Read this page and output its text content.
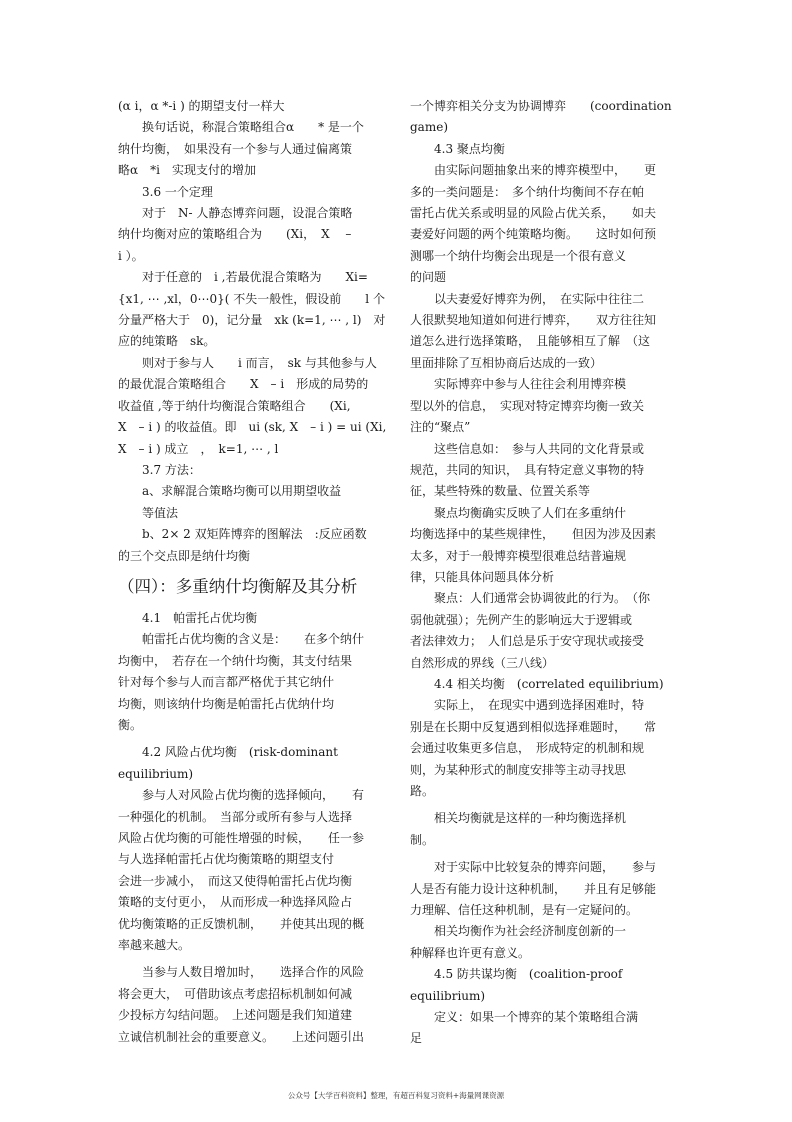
(α i，α *-i ) 的期望支付一样大
　　换句话说，称混合策略组合α　　* 是一个
纳什均衡，　如果没有一个参与人通过偏离策
略α　*i　实现支付的增加
　　3.6 一个定理
　　对于　N- 人静态博弈问题，设混合策略
纳什均衡对应的策略组合为　　(Xi，　X　 –
i ）。
　　对于任意的　i ,若最优混合策略为　　Xi=
{x1, ⋯ ,xl，0⋯0}( 不失一般性，假设前　　l 个
分量严格大于　0)，记分量　xk (k=1, ⋯ , l)　对
应的纯策略　sk。
　　则对于参与人　　i 而言，　sk 与其他参与人
的最优混合策略组合　　X　– i　形成的局势的
收益值 ,等于纳什均衡混合策略组合　　(Xi,
X　– i ) 的收益值。即　ui (sk, X　– i ) = ui (Xi,
X　– i ) 成立　，　k=1, ⋯ , l
　　3.7 方法：
　　a、求解混合策略均衡可以用期望收益
　　等值法
　　b、2× 2 双矩阵博弈的图解法　:反应函数
的三个交点即是纳什均衡
（四）：多重纳什均衡解及其分析
　　4.1　帕雷托占优均衡
　　帕雷托占优均衡的含义是：　　在多个纳什
均衡中，　若存在一个纳什均衡，其支付结果
针对每个参与人而言都严格优于其它纳什
均衡，则该纳什均衡是帕雷托占优纳什均
衡。
　　4.2 风险占优均衡　(risk-dominant
equilibrium)
　　参与人对风险占优均衡的选择倾向，　　有
一种强化的机制。　当部分或所有参与人选择
风险占优均衡的可能性增强的时候，　　任一参
与人选择帕雷托占优均衡策略的期望支付
会进一步减小，　而这又使得帕雷托占优均衡
策略的支付更小，　从而形成一种选择风险占
优均衡策略的正反馈机制，　　并使其出现的概
率越来越大。
　　当参与人数目增加时，　　选择合作的风险
将会更大，　可借助该点考虑招标机制如何减
少投标方勾结问题。　上述问题是我们知道建
立诚信机制社会的重要意义。　　上述问题引出
一个博弈相关分支为协调博弈　　(coordination
game)
　　4.3 聚点均衡
　　由实际问题抽象出来的博弈模型中，　　更
多的一类问题是：　多个纳什均衡间不存在帕
雷托占优关系或明显的风险占优关系，　　如夫
妻爱好问题的两个纯策略均衡。　　这时如何预
测哪一个纳什均衡会出现是一个很有意义
的问题
　　以夫妻爱好博弈为例，　在实际中往往二
人很默契地知道如何进行博弈，　　双方往往知
道怎么进行选择策略，　且能够相互了解　（这
里面排除了互相协商后达成的一致）
　　实际博弈中参与人往往会利用博弈模
型以外的信息，　实现对特定博弈均衡一致关
注的“聚点”
　　这些信息如：　参与人共同的文化背景或
规范，共同的知识，　具有特定意义事物的特
征，某些特殊的数量、位置关系等
　　聚点均衡确实反映了人们在多重纳什
均衡选择中的某些规律性，　　但因为涉及因素
太多，对于一般博弈模型很难总结普遍规
律，只能具体问题具体分析
　　聚点：人们通常会协调彼此的行为。　（你
弱他就强）；先例产生的影响远大于逻辑或
者法律效力；　人们总是乐于安守现状或接受
自然形成的界线（三八线）
　　4.4 相关均衡　(correlated equilibrium)
　　实际上，　在现实中遇到选择困难时，特
别是在长期中反复遇到相似选择难题时，　　常
会通过收集更多信息，　形成特定的机制和规
则，为某种形式的制度安排等主动寻找思
路。
　　相关均衡就是这样的一种均衡选择机
制。
　　对于实际中比较复杂的博弈问题，　　参与
人是否有能力设计这种机制，　　并且有足够能
力理解、信任这种机制，是有一定疑问的。
　　相关均衡作为社会经济制度创新的一
种解释也许更有意义。
　　4.5 防共谋均衡　(coalition-proof
equilibrium)
　　定义：如果一个博弈的某个策略组合满
足
公众号【大学百科资料】整理，有超百科复习资料+海量网课资源
